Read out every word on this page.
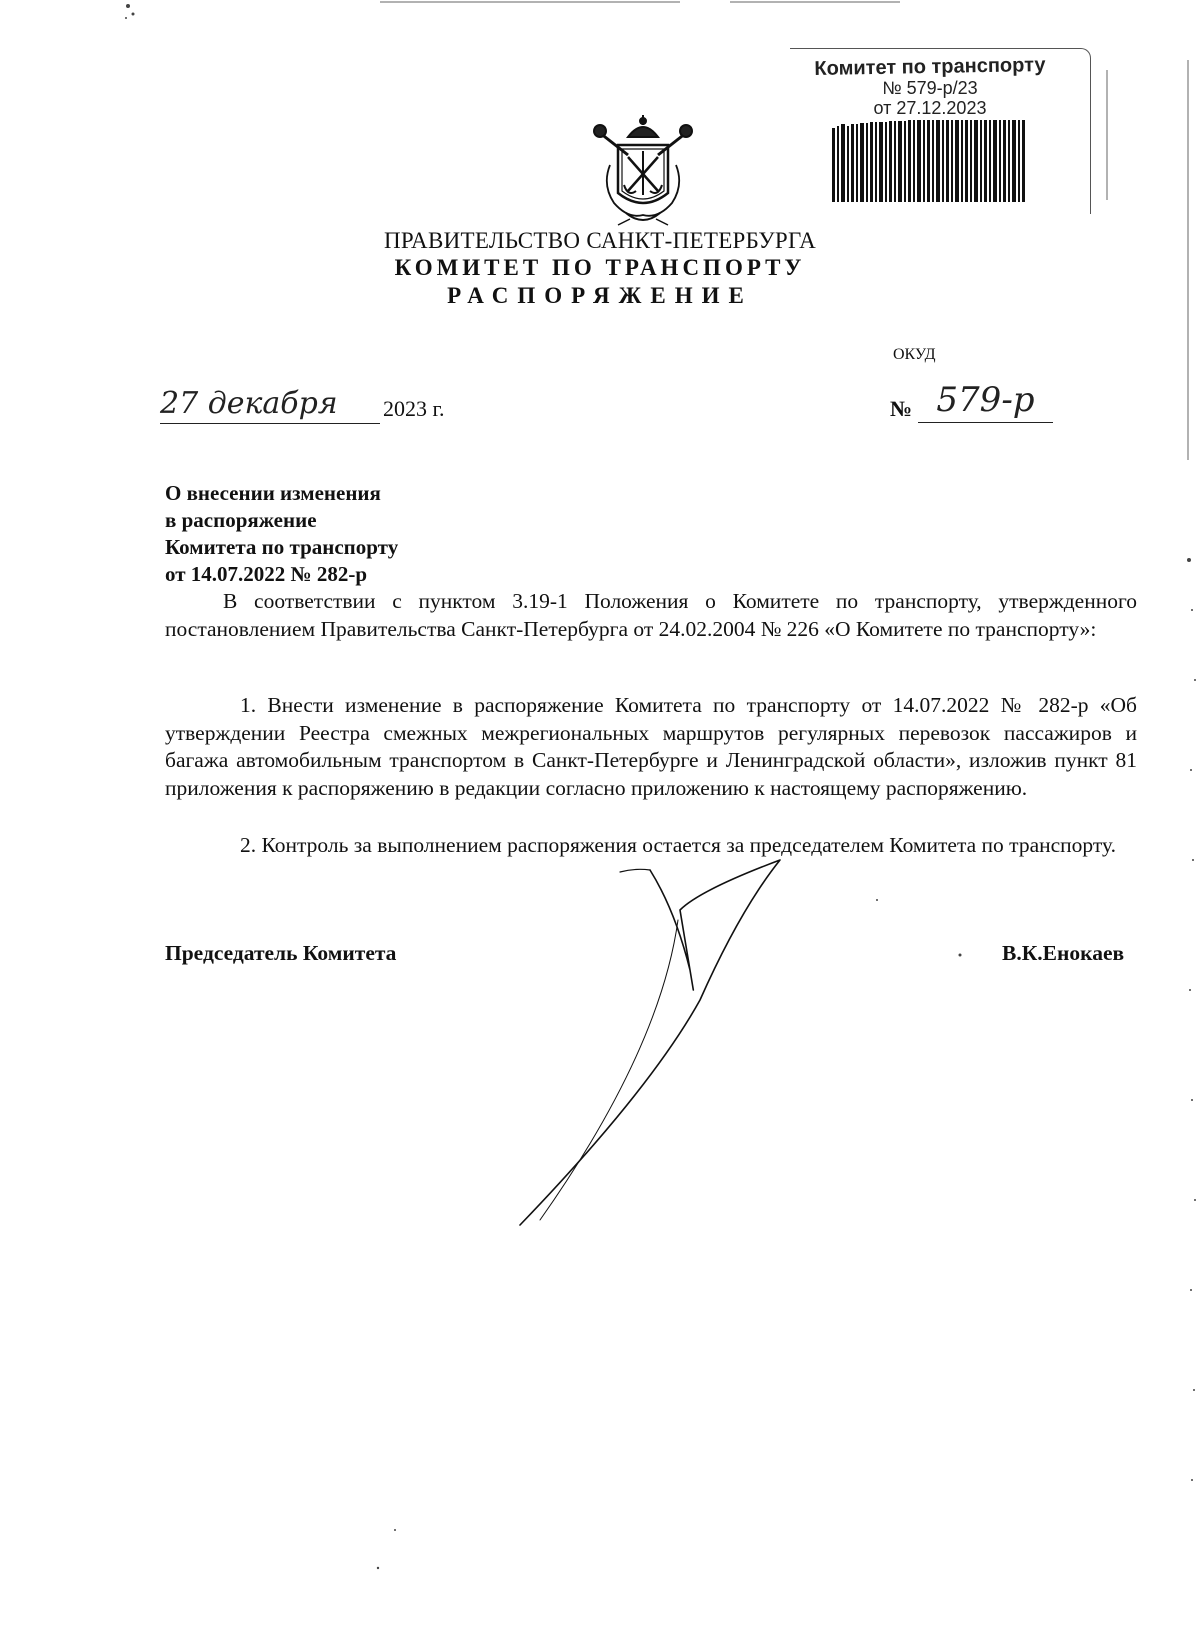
Комитет по транспорту
№ 579-р/23
от 27.12.2023
ПРАВИТЕЛЬСТВО САНКТ-ПЕТЕРБУРГА
КОМИТЕТ ПО ТРАНСПОРТУ
РАСПОРЯЖЕНИЕ
ОКУД
27 декабря	2023 г.	№ 579-р
О внесении изменения
в распоряжение
Комитета по транспорту
от 14.07.2022 № 282-р
В соответствии с пунктом 3.19-1 Положения о Комитете по транспорту, утвержденного постановлением Правительства Санкт-Петербурга от 24.02.2004 № 226 «О Комитете по транспорту»:
1. Внести изменение в распоряжение Комитета по транспорту от 14.07.2022 № 282-р «Об утверждении Реестра смежных межрегиональных маршрутов регулярных перевозок пассажиров и багажа автомобильным транспортом в Санкт-Петербурге и Ленинградской области», изложив пункт 81 приложения к распоряжению в редакции согласно приложению к настоящему распоряжению.
2. Контроль за выполнением распоряжения остается за председателем Комитета по транспорту.
Председатель Комитета	В.К.Енокаев
